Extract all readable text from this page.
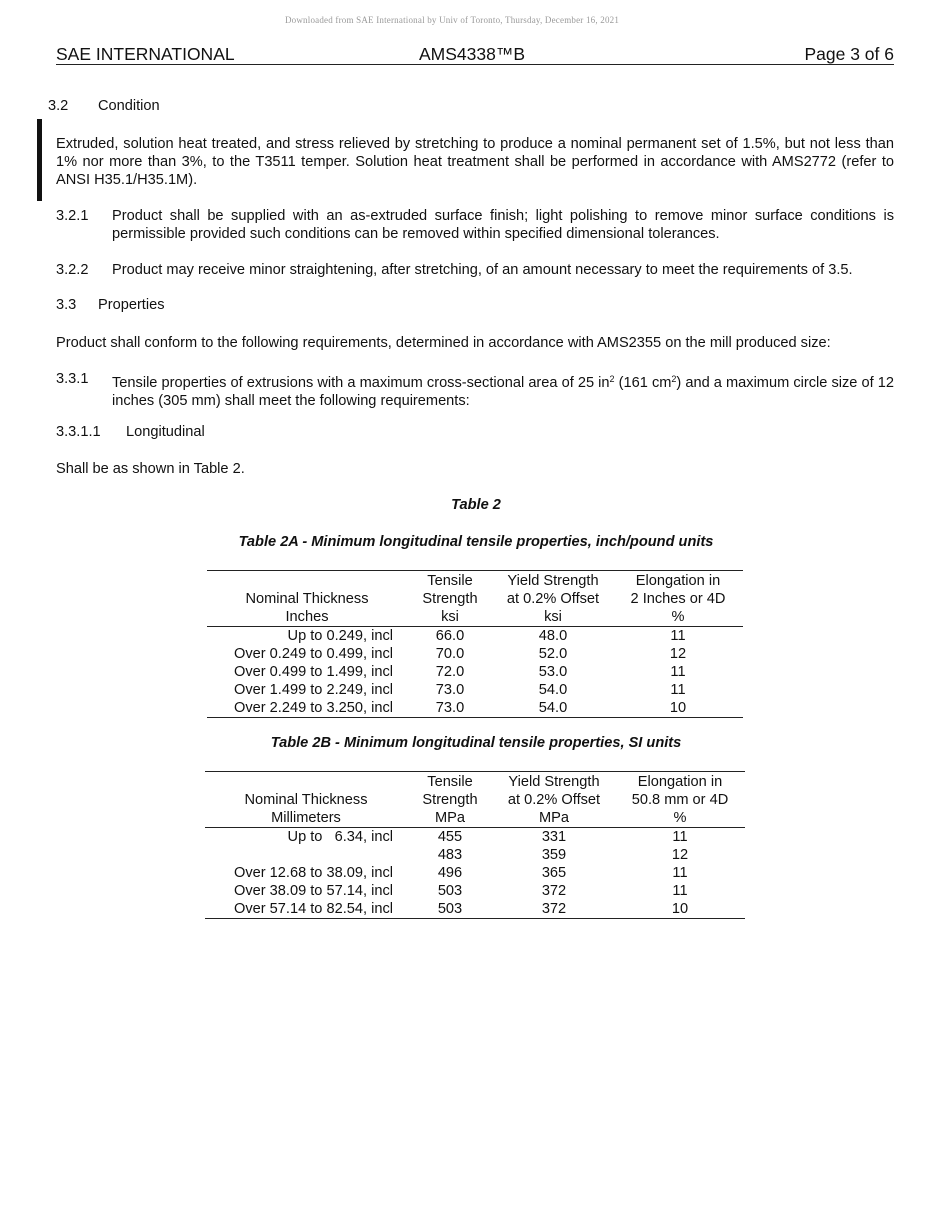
Downloaded from SAE International by Univ of Toronto, Thursday, December 16, 2021
SAE INTERNATIONAL	AMS4338™B	Page 3 of 6
3.2 Condition
Extruded, solution heat treated, and stress relieved by stretching to produce a nominal permanent set of 1.5%, but not less than 1% nor more than 3%, to the T3511 temper. Solution heat treatment shall be performed in accordance with AMS2772 (refer to ANSI H35.1/H35.1M).
3.2.1 Product shall be supplied with an as-extruded surface finish; light polishing to remove minor surface conditions is permissible provided such conditions can be removed within specified dimensional tolerances.
3.2.2 Product may receive minor straightening, after stretching, of an amount necessary to meet the requirements of 3.5.
3.3 Properties
Product shall conform to the following requirements, determined in accordance with AMS2355 on the mill produced size:
3.3.1 Tensile properties of extrusions with a maximum cross-sectional area of 25 $in^2$ (161 $cm^2$) and a maximum circle size of 12 inches (305 mm) shall meet the following requirements:
3.3.1.1 Longitudinal
Shall be as shown in Table 2.
Table 2
Table 2A - Minimum longitudinal tensile properties, inch/pound units
	Tensile	Yield Strength	Elongation in
Nominal Thickness	Strength	at 0.2% Offset	2 Inches or 4D
Inches	ksi	ksi	%
Up to 0.249, incl	66.0	48.0	11
Over 0.249 to 0.499, incl	70.0	52.0	12
Over 0.499 to 1.499, incl	72.0	53.0	11
Over 1.499 to 2.249, incl	73.0	54.0	11
Over 2.249 to 3.250, incl	73.0	54.0	10
Table 2B - Minimum longitudinal tensile properties, SI units
	Tensile	Yield Strength	Elongation in
Nominal Thickness	Strength	at 0.2% Offset	50.8 mm or 4D
Millimeters	MPa	MPa	%
Up to   6.34, incl	455	331	11
	483	359	12
Over 12.68 to 38.09, incl	496	365	11
Over 38.09 to 57.14, incl	503	372	11
Over 57.14 to 82.54, incl	503	372	10
